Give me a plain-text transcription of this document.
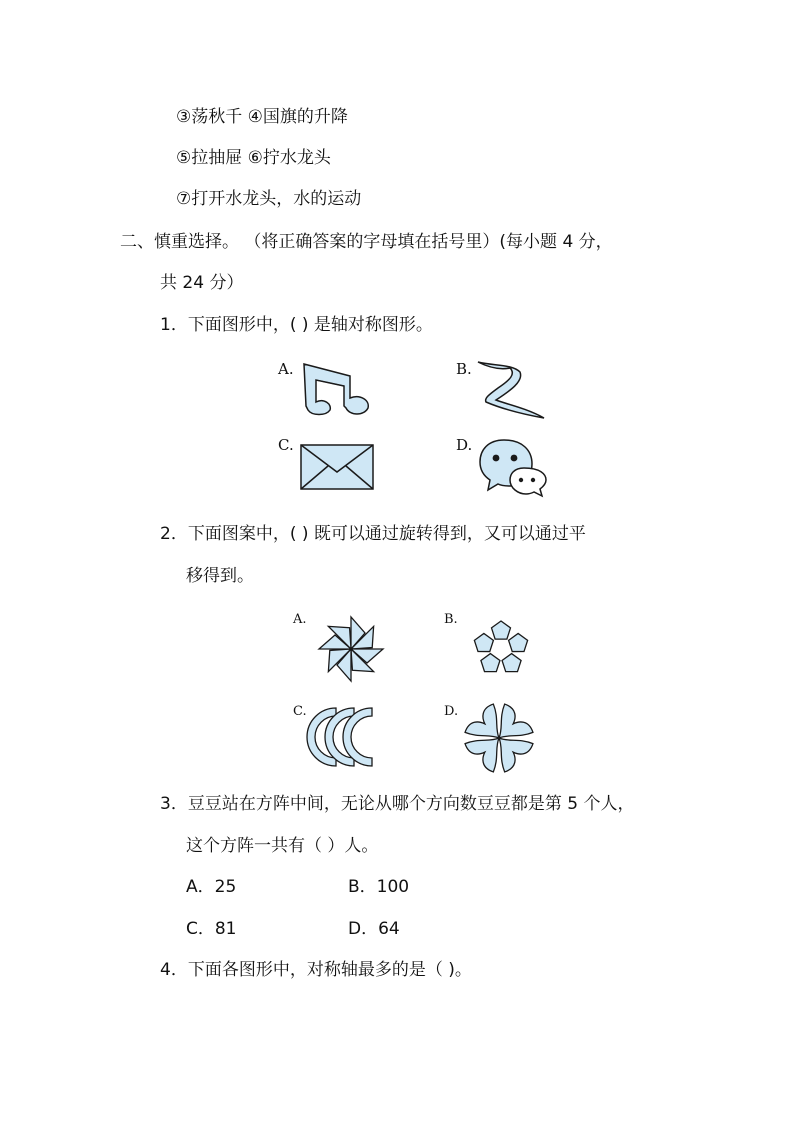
③荡秋千 ④国旗的升降
⑤拉抽屉 ⑥拧水龙头
⑦打开水龙头，水的运动
二、慎重选择。 （将正确答案的字母填在括号里）(每小题 4 分，
共 24 分）
1．下面图形中，( ) 是轴对称图形。
A.	B.
C.	D.
2．下面图案中，( ) 既可以通过旋转得到，又可以通过平
移得到。
A.	B.
C.	D.
3．豆豆站在方阵中间，无论从哪个方向数豆豆都是第 5 个人，
这个方阵一共有（ ）人。
A．25	B．100
C．81	D．64
4．下面各图形中，对称轴最多的是（ )。
